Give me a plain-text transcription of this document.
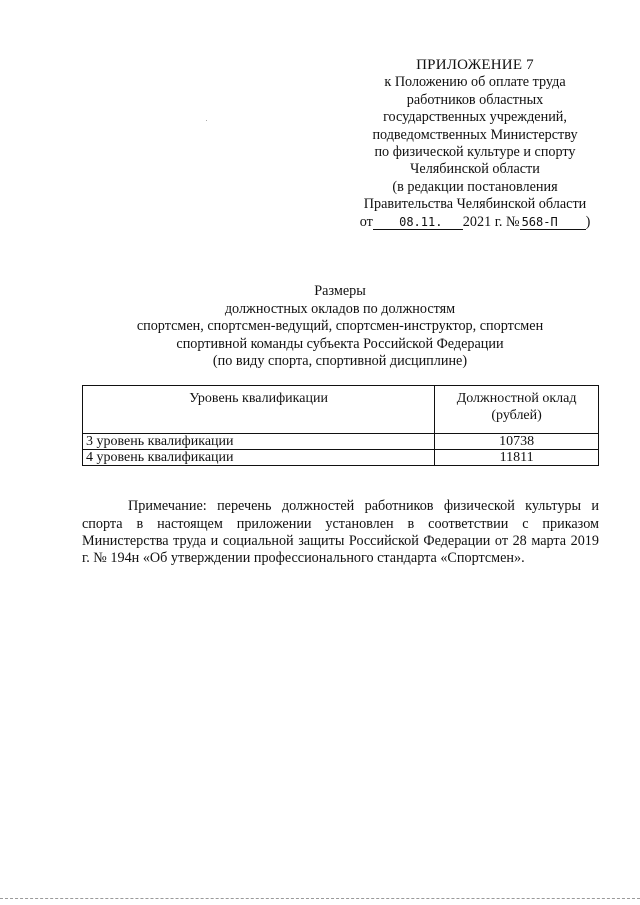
ПРИЛОЖЕНИЕ 7
к Положению об оплате труда
работников областных
государственных учреждений,
подведомственных Министерству
по физической культуре и спорту
Челябинской области
(в редакции постановления
Правительства Челябинской области
от 08.11. 2021 г. № 568-П )
Размеры
должностных окладов по должностям
спортсмен, спортсмен-ведущий, спортсмен-инструктор, спортсмен
спортивной команды субъекта Российской Федерации
(по виду спорта, спортивной дисциплине)
Уровень квалификации	Должностной оклад
(рублей)
3 уровень квалификации	10738
4 уровень квалификации	11811

Примечание: перечень должностей работников физической культуры и спорта в настоящем приложении установлен в соответствии с приказом Министерства труда и социальной защиты Российской Федерации от 28 марта 2019 г. № 194н «Об утверждении профессионального стандарта «Спортсмен».
